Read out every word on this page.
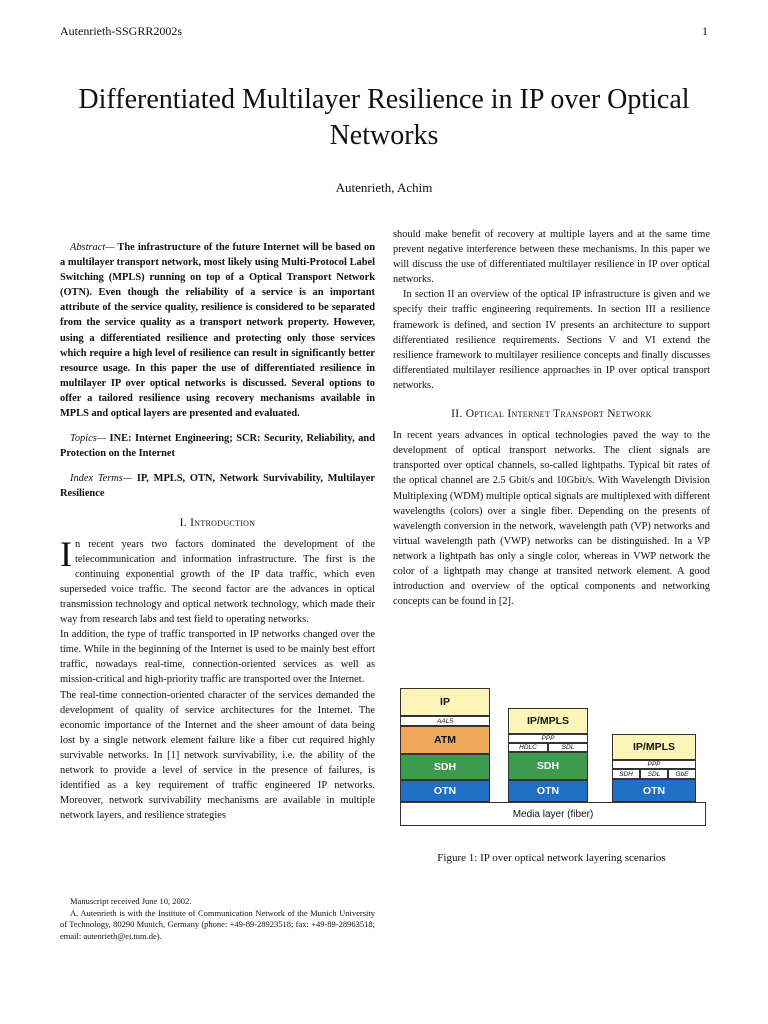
Autenrieth-SSGRR2002s	1
Differentiated Multilayer Resilience in IP over Optical Networks
Autenrieth, Achim

Abstract— The infrastructure of the future Internet will be based on a multilayer transport network, most likely using Multi-Protocol Label Switching (MPLS) running on top of a Optical Transport Network (OTN). Even though the reliability of a service is an important attribute of the service quality, resilience is considered to be separated from the service quality as a transport network property. However, using a differentiated resilience and protecting only those services which require a high level of resilience can result in significantly better resource usage. In this paper the use of differentiated resilience in multilayer IP over optical networks is discussed. Several options to offer a tailored resilience using recovery mechanisms available in MPLS and optical layers are presented and evaluated.

Topics— INE: Internet Engineering; SCR: Security, Reliability, and Protection on the Internet

Index Terms— IP, MPLS, OTN, Network Survivability, Multilayer Resilience

I. Introduction

In recent years two factors dominated the development of the telecommunication and information infrastructure. The first is the continuing exponential growth of the IP data traffic, which even superseded voice traffic. The second factor are the advances in optical transmission technology and optical network technology, which made their way from research labs and test field to operating networks.

In addition, the type of traffic transported in IP networks changed over the time. While in the beginning of the Internet is used to be mainly best effort traffic, nowadays real-time, connection-oriented services as well as mission-critical and high-priority traffic are transported over the Internet.

The real-time connection-oriented character of the services demanded the development of quality of service architectures for the Internet. The economic importance of the Internet and the sheer amount of data being lost by a single network element failure like a fiber cut required highly survivable networks. In [1] network survivability, i.e. the ability of the network to provide a level of service in the presence of failures, is identified as a key requirement of traffic engineered IP networks. Moreover, network survivability mechanisms are available in multiple network layers, and resilience strategies

should make benefit of recovery at multiple layers and at the same time prevent negative interference between these mechanisms. In this paper we will discuss the use of differentiated multilayer resilience in IP over optical networks.

In section II an overview of the optical IP infrastructure is given and we specify their traffic engineering requirements. In section III a resilience framework is defined, and section IV presents an architecture to support differentiated resilience requirements. Sections V and VI extend the resilience framework to multilayer resilience concepts and finally discusses differentiated multilayer resilience approaches in IP over optical transport networks.

II. Optical Internet Transport Network

In recent years advances in optical technologies paved the way to the development of optical transport networks. The client signals are transported over optical channels, so-called lightpaths. Typical bit rates of the optical channel are 2.5 Gbit/s and 10Gbit/s. With Wavelength Division Multiplexing (WDM) multiple optical signals are multiplexed with different wavelengths (colors) over a single fiber. Depending on the presents of wavelength conversion in the network, wavelength path (VP) networks and virtual wavelength path (VWP) networks can be distinguished. In a VP network a lightpath has only a single color, whereas in VWP network the color of a lightpath may change at transited network element. A good introduction and overview of the optical components and networking concepts can be found in [2].

IP
AAL5
ATM
SDH
OTN
IP/MPLS
PPP
HDLC	SDL
SDH
OTN
IP/MPLS
PPP
SDH	SDL	GbE
OTN
Media layer (fiber)
Figure 1: IP over optical network layering scenarios

Manuscript received June 10, 2002.

A. Autenrieth is with the Institute of Communication Network of the Munich University of Technology, 80290 Munich, Germany (phone: +49-89-28923518; fax: +49-89-28963518; email: autenrieth@ei.tum.de).
